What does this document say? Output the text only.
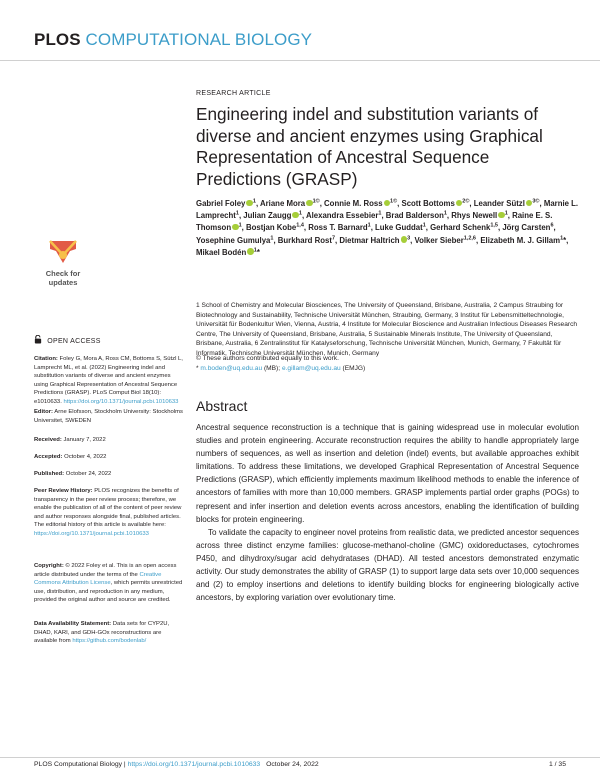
PLOS COMPUTATIONAL BIOLOGY
Check for
updates
OPEN ACCESS

Citation: Foley G, Mora A, Ross CM, Bottoms S, Sützl L, Lamprecht ML, et al. (2022) Engineering indel and substitution variants of diverse and ancient enzymes using Graphical Representation of Ancestral Sequence Predictions (GRASP). PLoS Comput Biol 18(10): e1010633. https://doi.org/10.1371/journal.pcbi.1010633

Editor: Arne Elofsson, Stockholm University: Stockholms Universitet, SWEDEN

Received: January 7, 2022

Accepted: October 4, 2022

Published: October 24, 2022

Peer Review History: PLOS recognizes the benefits of transparency in the peer review process; therefore, we enable the publication of all of the content of peer review and author responses alongside final, published articles. The editorial history of this article is available here: https://doi.org/10.1371/journal.pcbi.1010633

Copyright: © 2022 Foley et al. This is an open access article distributed under the terms of the Creative Commons Attribution License, which permits unrestricted use, distribution, and reproduction in any medium, provided the original author and source are credited.

Data Availability Statement: Data sets for CYP2U, DHAD, KARI, and GDH-GOx reconstructions are available from https://github.com/bodenlab/

RESEARCH ARTICLE
Engineering indel and substitution variants of diverse and ancient enzymes using Graphical Representation of Ancestral Sequence Predictions (GRASP)

Gabriel Foley $^1$, Ariane Mora $^{1©}$, Connie M. Ross $^{1©}$, Scott Bottoms $^{2©}$, Leander Sützl $^{3©}$, Marnie L. Lamprecht$^1$, Julian Zaugg $^1$, Alexandra Essebier$^1$, Brad Balderson$^1$, Rhys Newell $^1$, Raine E. S. Thomson $^1$, Bostjan Kobe$^{1,4}$, Ross T. Barnard$^1$, Luke Guddat$^1$, Gerhard Schenk$^{1,5}$, Jörg Carsten$^6$, Yosephine Gumulya$^1$, Burkhard Rost$^7$, Dietmar Haltrich $^3$, Volker Sieber$^{1,2,6}$, Elizabeth M. J. Gillam$^1$*, Mikael Bodén $^1$*

1 School of Chemistry and Molecular Biosciences, The University of Queensland, Brisbane, Australia, 2 Campus Straubing for Biotechnology and Sustainability, Technische Universität München, Straubing, Germany, 3 Institut für Lebensmitteltechnologie, Universität für Bodenkultur Wien, Vienna, Austria, 4 Institute for Molecular Bioscience and Australian Infectious Diseases Research Centre, The University of Queensland, Brisbane, Australia, 5 Sustainable Minerals Institute, The University of Queensland, Brisbane, Australia, 6 Zentralinstitut für Katalyseforschung, Technische Universität München, Munich, Germany, 7 Fakultät für Informatik, Technische Universität München, Munich, Germany

© These authors contributed equally to this work.

* m.boden@uq.edu.au (MB); e.gillam@uq.edu.au (EMJG)

Abstract

Ancestral sequence reconstruction is a technique that is gaining widespread use in molecular evolution studies and protein engineering. Accurate reconstruction requires the ability to handle appropriately large numbers of sequences, as well as insertion and deletion (indel) events, but available approaches exhibit limitations. To address these limitations, we developed Graphical Representation of Ancestral Sequence Predictions (GRASP), which efficiently implements maximum likelihood methods to enable the inference of ancestors of families with more than 10,000 members. GRASP implements partial order graphs (POGs) to represent and infer insertion and deletion events across ancestors, enabling the identification of building blocks for protein engineering.

To validate the capacity to engineer novel proteins from realistic data, we predicted ancestor sequences across three distinct enzyme families: glucose-methanol-choline (GMC) oxidoreductases, cytochromes P450, and dihydroxy/sugar acid dehydratases (DHAD). All tested ancestors demonstrated enzymatic activity. Our study demonstrates the ability of GRASP (1) to support large data sets over 10,000 sequences and (2) to employ insertions and deletions to identify building blocks for engineering biologically active ancestors, by exploring variation over evolutionary time.

PLOS Computational Biology | https://doi.org/10.1371/journal.pcbi.1010633 October 24, 2022	1 / 35
